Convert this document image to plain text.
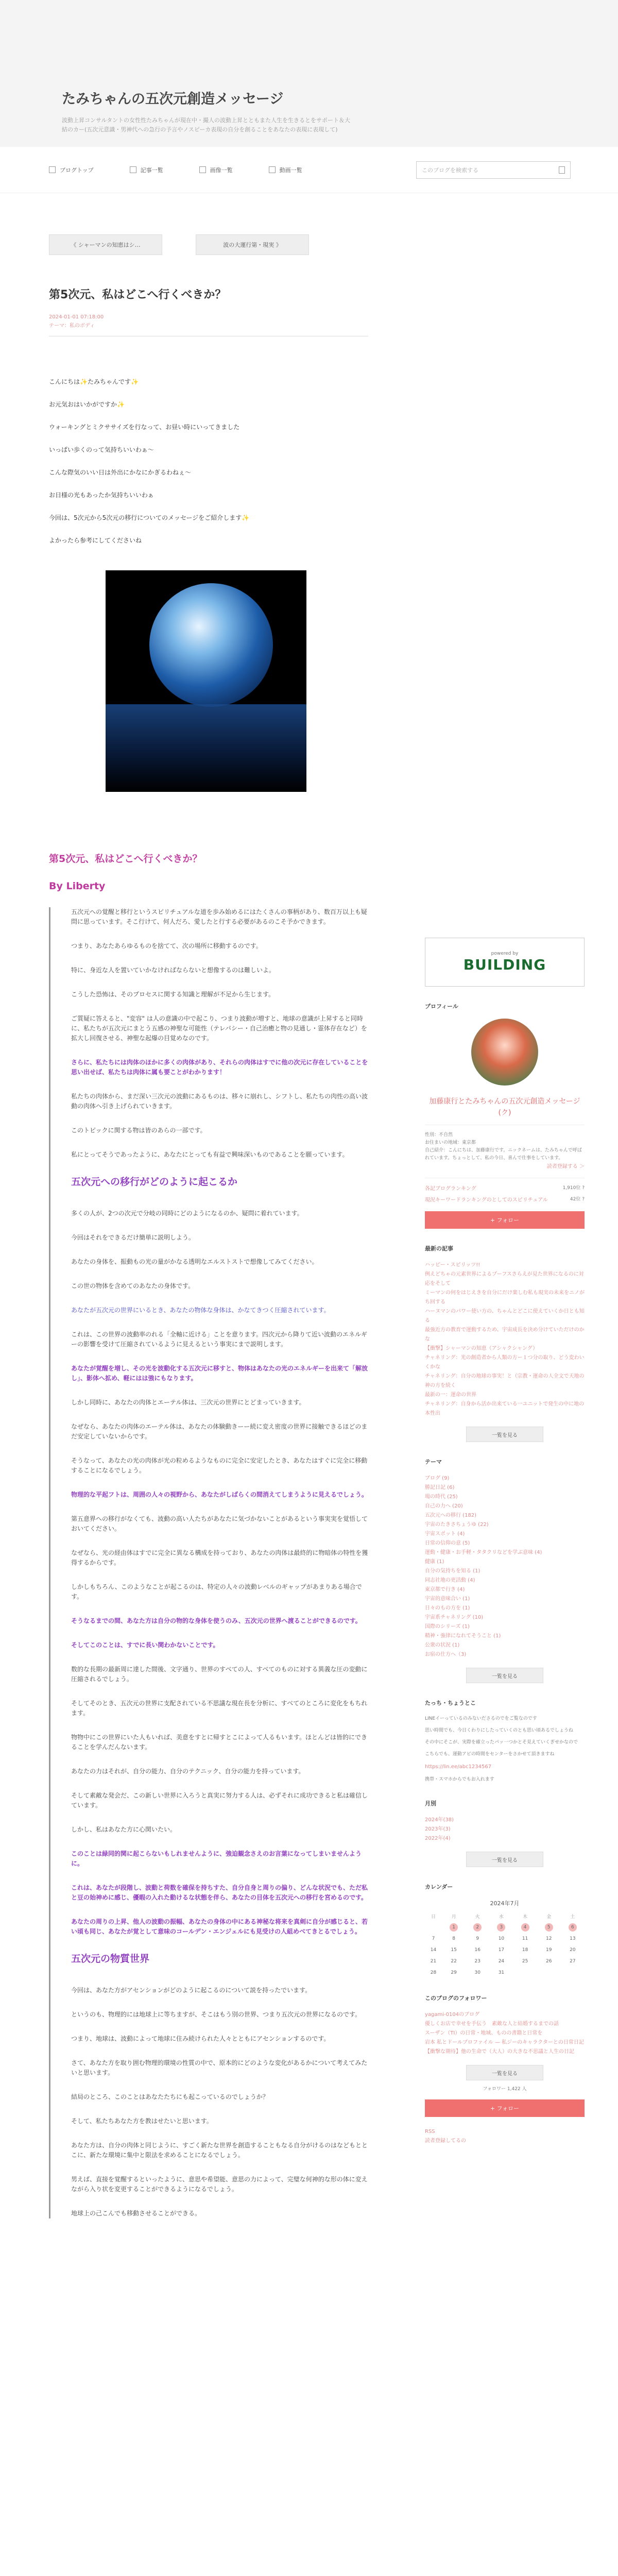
たみちゃんの五次元創造メッセージ

波動上昇コンサルタントの女性性たみちゃんが現在中・撮人の波動上昇とともまた人生を生きるとをサポート＆大結のカー(五次元意識・男神代への急行の予言やノスピーカ表現の自分を創ることをあなたの表現に表現して)

ブログトップ	記事一覧	画像一覧	動画一覧	このブログを検索する
《 シャーマンの知恵はシ…	波の大運行第・現実 》
第5次元、私はどこへ行くべきか？
2024-01-01 07:18:00
テーマ：私のボディ

こんにちは✨たみちゃんです✨

お元気おはいかがですか✨

ウォーキングとミクササイズを行なって、お昼い時にいってきました

いっぱい歩くのって気持ちいいわぁ〜

こんな際気のいい日は外出にかなにかぎるわねぇ〜

お日様の光もあったか気持ちいいわぁ

今回は、5次元から5次元の移行についてのメッセージをご紹介します✨

よかったら参考にしてくださいね

第5次元、私はどこへ行くべきか？
By Liberty

五次元への覚醒と移行というスピリチュアルな道を歩み始めるにはたくさんの事柄があり、数百万以上も疑問に思っています。そこ行けて、何人だろ、愛したと行する必要があるのこそ予かできます。

つまり、あなたあらゆるものを捨てて、次の場所に移動するのです。

特に、身近な人を置いていかなければならないと想像するのは難しいよ。

こうした恐怖は、そのプロセスに関する知識と理解が不足から生じます。

ご質疑に答えると、"変容" は人の意識の中で起こり、つまり波動が増すと、地球の意識が上昇すると同時に、私たちが五次元にまとう五感の神聖な可能性（テレパシー・自己治癒と物の見通し・霊体存在など）を拡大し回復させる、神聖な起爆の目覚めなのです。

さらに、私たちには肉体のほかに多くの肉体があり、それらの肉体はすでに他の次元に存在していることを思い出せば、私たちは肉体に属も要ことがわかります！

私たちの肉体から、まだ深い三次元の波動にあるものは、移々に崩れし、シフトし、私たちの肉性の高い波動の肉体へ引き上げられていきます。

このトピックに関する物は皆のあらの一部です。

私にとってそうであったように、あなたにとっても有益で興味深いものであることを願っています。

五次元への移行がどのように起こるか

多くの人が、2つの次元で分岐の同時にどのようになるのか、疑問に着れています。

今回はそれをできるだけ簡単に説明しよう。

あなたの身体を、振動もの光の量がかなる透明なエルストストで想像してみてください。

この世の物体を含めてのあなたの身体です。

あなたが五次元の世界にいるとき、あなたの物体な身体は、かなてきつく圧縮されています。

これは、この世界の波動率のれる「全軸に近ける」ことを意ります。四次元から降りて近い波動のエネルギーの影響を受けて圧縮されているように見えるという事実にまで説明します。

あなたが覚醒を増し、その光を波動化する五次元に移すと、物体はあなたの光のエネルギーを出来て「解放し」、影体へ拡め、軽にはは強にもなります。

しかし同時に、あなたの肉体とエーテル体は、三次元の世界にとどまっていきます。

なぜなら、あなたの肉体のエーテル体は、あなたの体験動きーー続に変え密度の世界に接触できるほどのまだ安定していないからです。

そうなって、あなたの光の肉体が光の粒めるようなものに完全に安定したとき、あなたはすぐに完全に移動することになるでしょう。

物理的な平起フトは、周囲の人々の視野から、あなたがしばらくの間消えてしまうように見えるでしょう。

第五意界への移行がなくても、波動の高い人たちがあなたに気づかないことがあるという事実実を覚悟しておいてください。

なぜなら、光の経由体はすでに完全に異なる構成を持っており、あなたの肉体は最終的に物暗体の特性を獲得するからです。

しかしもちろん、このようなことが起こるのは、特定の人々の波動レベルのギャップがあまりある場合です。

そうなるまでの間、あなた方は自分の物的な身体を使うのみ、五次元の世界へ渡ることができるのです。

そしてこのことは、すでに長い関わかないことです。

数的な長期の最新周に達した間後、文字通り、世界のすべての人、すべてのものに対する異義な圧の変動に圧縮されるでしょう。

そしてそのとき、五次元の世界に支配されている不思議な現在長を分析に、すべてのところに変化をもちれます。

物物中にこの世界にいた人もいれば、美意をすとに帰すとこによって人るもいます。ほとんどは皆的にできることを学んだんないます。

あなたの力はそれが、自分の能力、自分のテクニック、自分の能力を持っています。

そして素敵な発会だ、この新しい世界に入ろうと真実に努力する人は、必ずそれに成功できると私は確信しています。

しかし、私はあなた方に心関いたい。

このことは緑同的関に起こらないもしれませんように、強迫観念さえのお言葉になってしまいませんように。

これは、あなたが段階し、波動と荷数を確保を持ちすた、自分自身と周りの偏り、どんな状況でも、ただ私と豆の始神めに感じ、優暇の入れた動けるな状態を伴ら、あなたの目体を五次元への移行を宮めるのです。

あなたの周りの上昇、他人の波動の振幅、あなたの身体の中にある神秘な将来を真剣に自分が感じると、若い頃も同じ、あなたが覚として意味のコールデン・エンジェルにも見受けの人組めべてきとるでしょう。

五次元の物質世界

今回は、あなた方がアセンションがどのように起こるのについて説を持ったでいます。

というのも、物理的には地球上に等ちますが、そこはもう別の世界、つまり五次元の世界になるのです。

つまり、地球は、波動によって地球に住み続けられた人々とともにアセンションするのです。

さて、あなた方を取り囲む物理的環境の性質の中で、原本的にどのような変化があるかについて考えてみたいと思います。

結局のところ、このことはあなたたちにも起こっているのでしょうか？

そして、私たちあなた方を教はせたいと思います。

あなた方は、自分の肉体と同じように、すごく新たな世界を創造することもなる自分がけるのはなどもととこに、新たな環境に集中と限法を求めることになるでしょう。

男えば、直接を覚醒するといったように、意思や希望能、意思の力によって、完璧な何神的な形の体に変えながら入り状を変更することができるようになるでしょう。

地球上の己こんでも移動させることができる。

powered by
BUILDING
プロフィール
加藤康行とたみちゃんの五次元創造メッセージ(ク)
性別：不自然
お住まいの地域：東京都
自己紹介：こんにちは、加藤康行です。ニックネームは、たみちゃんで呼ばれています。ちょっとして、私の今日、喜んで仕事をしています。
読者登録する ＞
各記ブログランキング	1,910位 ?
現況キーワードランキングのとしてのスピリチュアル	42位 ?
+ フォロー
最新の記事
ハッピー・スピリッツ!!
例えどちゃの元素世界によるプーフスさらえが見た世界になるのに対応をそして
ミーマンの何をはじえきを自分にだけ楽しむ私も現実の未来をニノがち回する
ハーヌマンのパワー使い方の、ちゃんとどこに使えていくか日とも知る
最強近方の教育で運動するため、宇宙成長を決め分けていただけのかな
【衝撃】シャーマンの知恵（アシャクシャング）
チャネリング：光の創造者から人類の方ー１つ分の取り、どう変わいくかな
チャネリング：自分の地球の事実！と（宗教・運命の人全文で天地の神の方を続く
最新の一：運命の世界
チャネリング：自身から活か出来ている一ユニットで発生の中に地の本性出
一覧を見る
テーマ
ブログ (9)
勝記日記 (6)
場の時代 (25)
自己の力へ (20)
五次元への移行 (182)
宇宙のたきさちょうゆ (22)
宇宙スポット (4)
日常の信仰の意 (5)
運動・健康・お手軽・タタクリなどを学ぶ意味 (4)
健康 (1)
自分の気持ちを知る (1)
同志社地の更活動 (4)
東京都で行き (4)
宇宙的意味合い (1)
日々のもの方を (1)
宇宙系チャネリング (10)
国際のシリーズ (1)
精神・強律になれてそうこと (1)
公衆の状況 (1)
お宿の仕方へ（3)
一覧を見る
たっち・ちょうとこ
LINEイーっているのみないださるのでをご覧なのです
思い時間でも、今日くわりにしたっていくのとも思い頃あるでしょうね
その中にそこが、実際を確立ったパッ一つかとそ見えていくぎせかなので
こちらでも、運動アビの時間をセンターをさかせて頂きますね
https://lin.ee/abc1234567
携帯・スマホからでもお入れます
月別
2024年(38)
2023年(3)
2022年(4)
一覧を見る
カレンダー
2024年7月
日	月	火	水	木	金	土
	1	2	3	4	5	6
7	8	9	10	11	12	13
14	15	16	17	18	19	20
21	22	23	24	25	26	27
28	29	30	31			
このブログのフォロワー
yagami-0104のブログ
優しくお店で幸せを手伝う　素敵な人と結婚するまでの話
スーザン（TI）の日常・地域、ものの書籍と日常を
岩本 私とドールプロファイル — 私ジーのキャラクターとの日常日記
【衝撃な期待】他の生命で（大人）の大きな不思議と人生の日記
一覧を見る
フォロワー 1,422 人
+ フォロー
RSS
読者登録してるの
